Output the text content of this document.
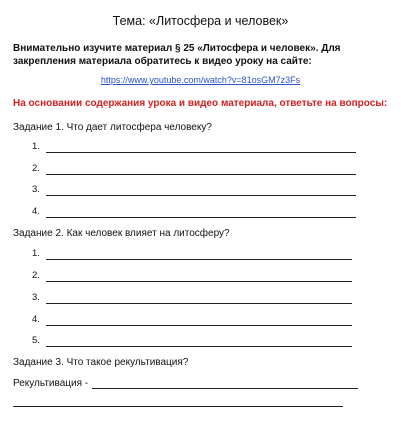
Тема: «Литосфера и человек»
Внимательно изучите материал § 25 «Литосфера и человек». Для закрепления материала обратитесь к видео уроку на сайте:
https://www.youtube.com/watch?v=81osGM7z3Fs
На основании содержания урока и видео материала, ответьте на вопросы:
Задание 1. Что дает литосфера человеку?
1.
2.
3.
4.
Задание 2. Как человек влияет на литосферу?
1.
2.
3.
4.
5.
Задание 3. Что такое рекультивация?
Рекультивация -
